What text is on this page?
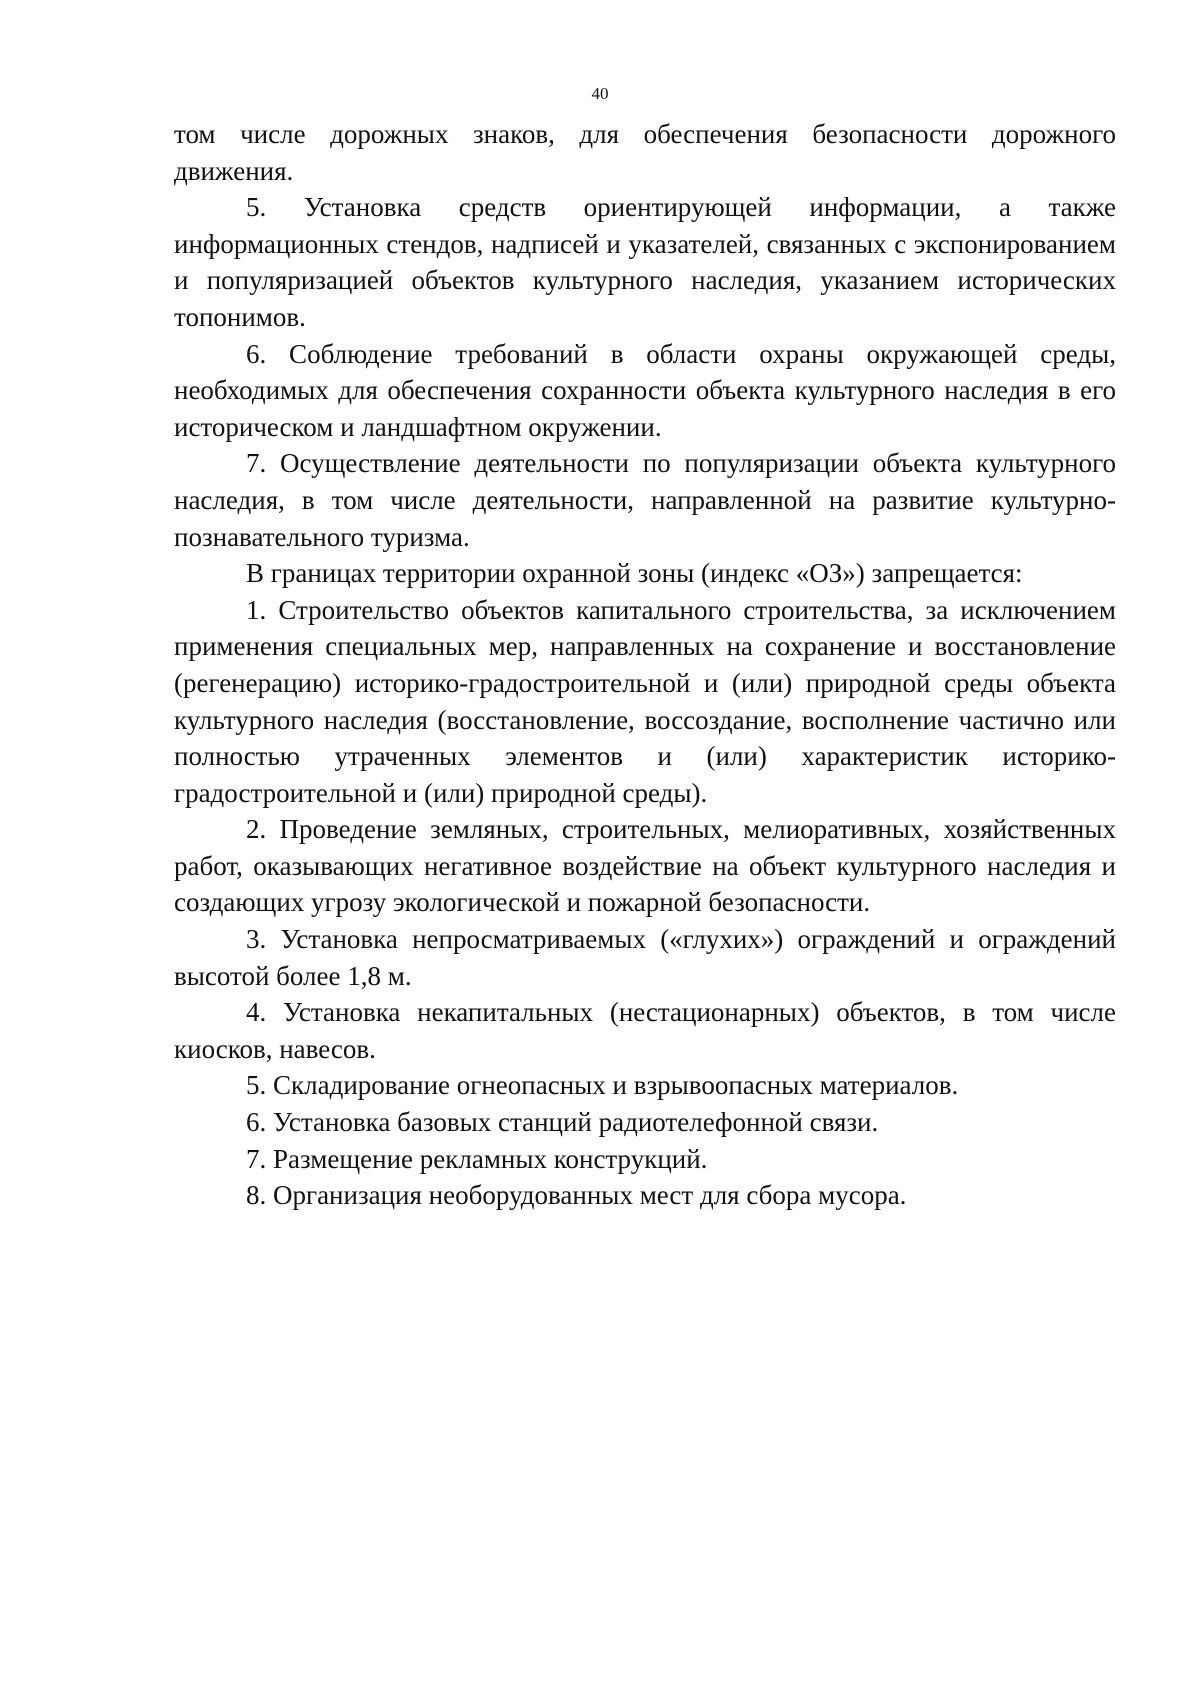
40

том числе дорожных знаков, для обеспечения безопасности дорожного движения.

5. Установка средств ориентирующей информации, а также информационных стендов, надписей и указателей, связанных с экспонированием и популяризацией объектов культурного наследия, указанием исторических топонимов.

6. Соблюдение требований в области охраны окружающей среды, необходимых для обеспечения сохранности объекта культурного наследия в его историческом и ландшафтном окружении.

7. Осуществление деятельности по популяризации объекта культурного наследия, в том числе деятельности, направленной на развитие культурно-познавательного туризма.

В границах территории охранной зоны (индекс «ОЗ») запрещается:

1. Строительство объектов капитального строительства, за исключением применения специальных мер, направленных на сохранение и восстановление (регенерацию) историко-градостроительной и (или) природной среды объекта культурного наследия (восстановление, воссоздание, восполнение частично или полностью утраченных элементов и (или) характеристик историко-градостроительной и (или) природной среды).

2. Проведение земляных, строительных, мелиоративных, хозяйственных работ, оказывающих негативное воздействие на объект культурного наследия и создающих угрозу экологической и пожарной безопасности.

3. Установка непросматриваемых («глухих») ограждений и ограждений высотой более 1,8 м.

4. Установка некапитальных (нестационарных) объектов, в том числе киосков, навесов.

5. Складирование огнеопасных и взрывоопасных материалов.

6. Установка базовых станций радиотелефонной связи.

7. Размещение рекламных конструкций.

8. Организация необорудованных мест для сбора мусора.
